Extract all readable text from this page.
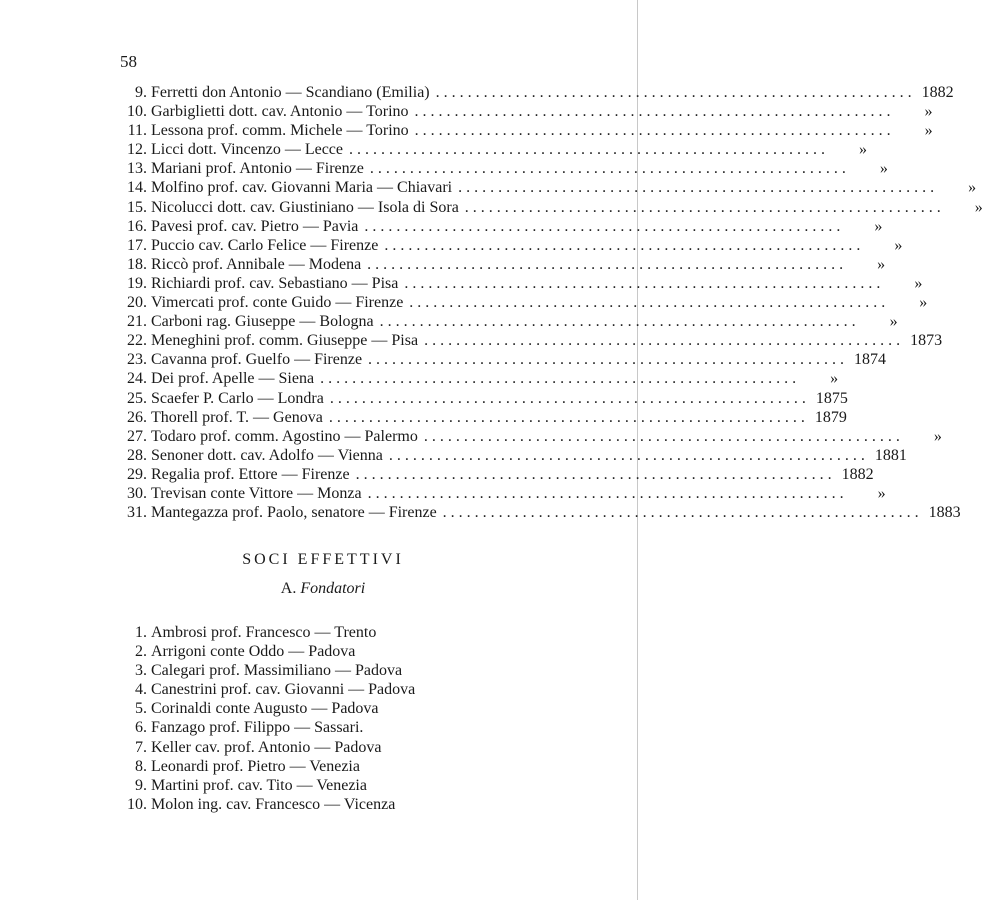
58
9. Ferretti don Antonio — Scandiano (Emilia) ............................................................ 1882
10. Garbiglietti dott. cav. Antonio — Torino ............................................................	»
11. Lessona prof. comm. Michele — Torino ............................................................	»
12. Licci dott. Vincenzo — Lecce ............................................................	»
13. Mariani prof. Antonio — Firenze ............................................................	»
14. Molfino prof. cav. Giovanni Maria — Chiavari ............................................................	»
15. Nicolucci dott. cav. Giustiniano — Isola di Sora ............................................................	»
16. Pavesi prof. cav. Pietro — Pavia ............................................................	»
17. Puccio cav. Carlo Felice — Firenze ............................................................	»
18. Riccò prof. Annibale — Modena ............................................................	»
19. Richiardi prof. cav. Sebastiano — Pisa ............................................................	»
20. Vimercati prof. conte Guido — Firenze ............................................................	»
21. Carboni rag. Giuseppe — Bologna ............................................................	»
22. Meneghini prof. comm. Giuseppe — Pisa ............................................................ 1873
23. Cavanna prof. Guelfo — Firenze ............................................................ 1874
24. Dei prof. Apelle — Siena ............................................................	»
25. Scaefer P. Carlo — Londra ............................................................ 1875
26. Thorell prof. T. — Genova ............................................................ 1879
27. Todaro prof. comm. Agostino — Palermo ............................................................	»
28. Senoner dott. cav. Adolfo — Vienna ............................................................ 1881
29. Regalia prof. Ettore — Firenze ............................................................ 1882
30. Trevisan conte Vittore — Monza ............................................................	»
31. Mantegazza prof. Paolo, senatore — Firenze ............................................................ 1883
SOCI EFFETTIVI
A. Fondatori
1. Ambrosi prof. Francesco — Trento
2. Arrigoni conte Oddo — Padova
3. Calegari prof. Massimiliano — Padova
4. Canestrini prof. cav. Giovanni — Padova
5. Corinaldi conte Augusto — Padova
6. Fanzago prof. Filippo — Sassari.
7. Keller cav. prof. Antonio — Padova
8. Leonardi prof. Pietro — Venezia
9. Martini prof. cav. Tito — Venezia
10. Molon ing. cav. Francesco — Vicenza
